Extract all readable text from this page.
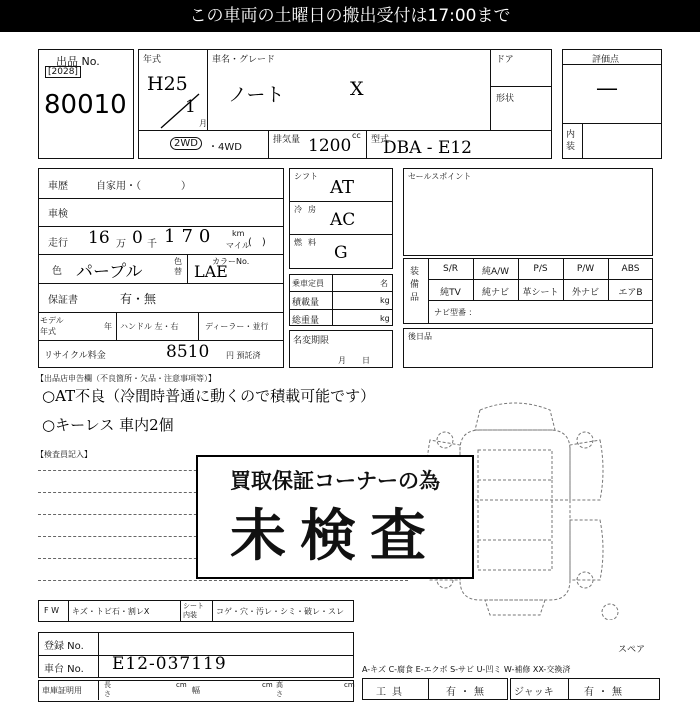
この車両の土曜日の搬出受付は17:00まで
出品 No.
[2028]
80010
年式
H25
1
月
車名・グレード
ノート	X
ドア
形状
2WD	・4WD
排気量 1200
cc 型式
DBA - E12
評価点
—
内装
車歴	自家用・（　　　　）
車検
走行 16 万 0 千 170 km
マイル
(　)
色 パープル
色替
カラーNo.
LAE
保証書	有・無
モデル
年式
年 ハンドル 左・右	ディーラー・並行
リサイクル料金	8510 円 預託済
シフト
AT
冷房
AC
燃料
G
乗車定員	名
積載量	kg
総重量	kg
名変期限
月　　日
セールスポイント
装備品
S/R	純A/W	P/S	P/W	ABS
純TV	純ナビ	革シート	外ナビ	エアB
ナビ型番 ：
後日品
【出品店申告欄（不良箇所・欠品・注意事項等）】
○AT不良（冷間時普通に動くので積載可能です）
○キーレス 車内2個
【検査員記入】
買取保証コーナーの為
未検査
F W キズ・トビ石・割レX
シート内装	コゲ・穴・汚レ・シミ・破レ・スレ
登録 No.
車台 No. E12-037119
車庫証明用
長さ
cm
幅
cm 高さ
cm
スペア
A-キズ C-腐食 E-エクボ S-サビ U-凹ミ W-補修 XX-交換済
工具	有・無	ジャッキ	有・無
